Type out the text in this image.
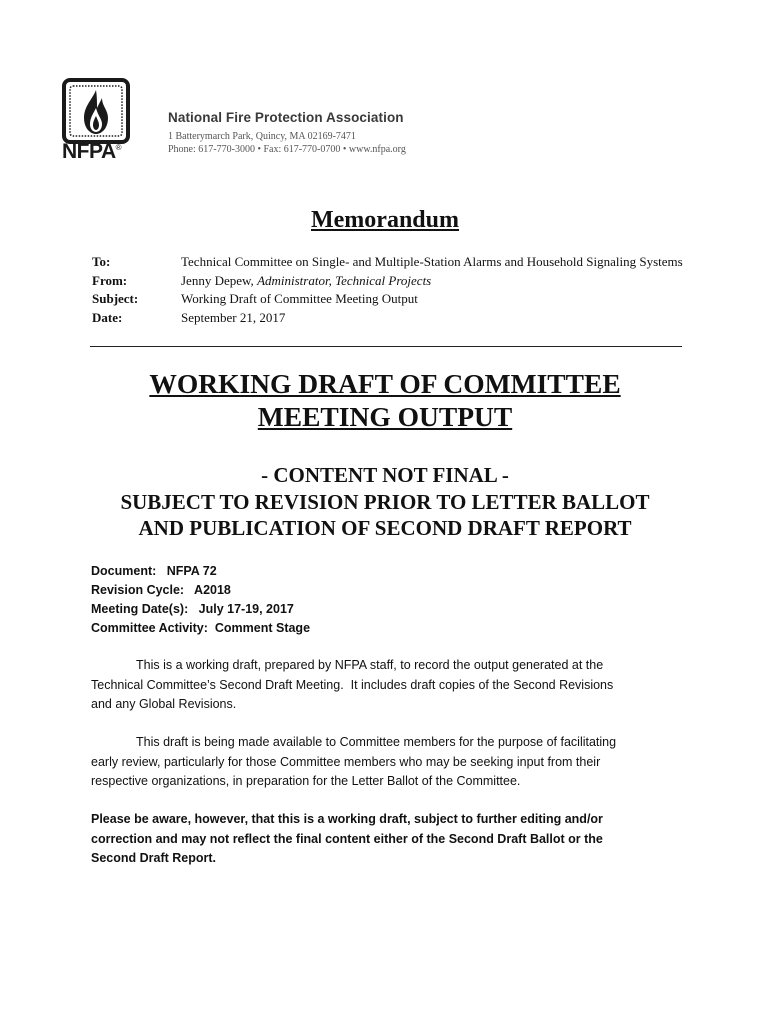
NFPA®
National Fire Protection Association
1 Batterymarch Park, Quincy, MA 02169-7471
Phone: 617-770-3000 • Fax: 617-770-0700 • www.nfpa.org
Memorandum
To:	Technical Committee on Single- and Multiple-Station Alarms and Household Signaling Systems
From:	Jenny Depew, Administrator, Technical Projects
Subject:	Working Draft of Committee Meeting Output
Date:	September 21, 2017
WORKING DRAFT OF COMMITTEE
MEETING OUTPUT
- CONTENT NOT FINAL -
SUBJECT TO REVISION PRIOR TO LETTER BALLOT
AND PUBLICATION OF SECOND DRAFT REPORT
Document:   NFPA 72
Revision Cycle:   A2018
Meeting Date(s):   July 17-19, 2017
Committee Activity:  Comment Stage
This is a working draft, prepared by NFPA staff, to record the output generated at the
Technical Committee’s Second Draft Meeting.  It includes draft copies of the Second Revisions
and any Global Revisions.
This draft is being made available to Committee members for the purpose of facilitating
early review, particularly for those Committee members who may be seeking input from their
respective organizations, in preparation for the Letter Ballot of the Committee.
Please be aware, however, that this is a working draft, subject to further editing and/or
correction and may not reflect the final content either of the Second Draft Ballot or the
Second Draft Report.
